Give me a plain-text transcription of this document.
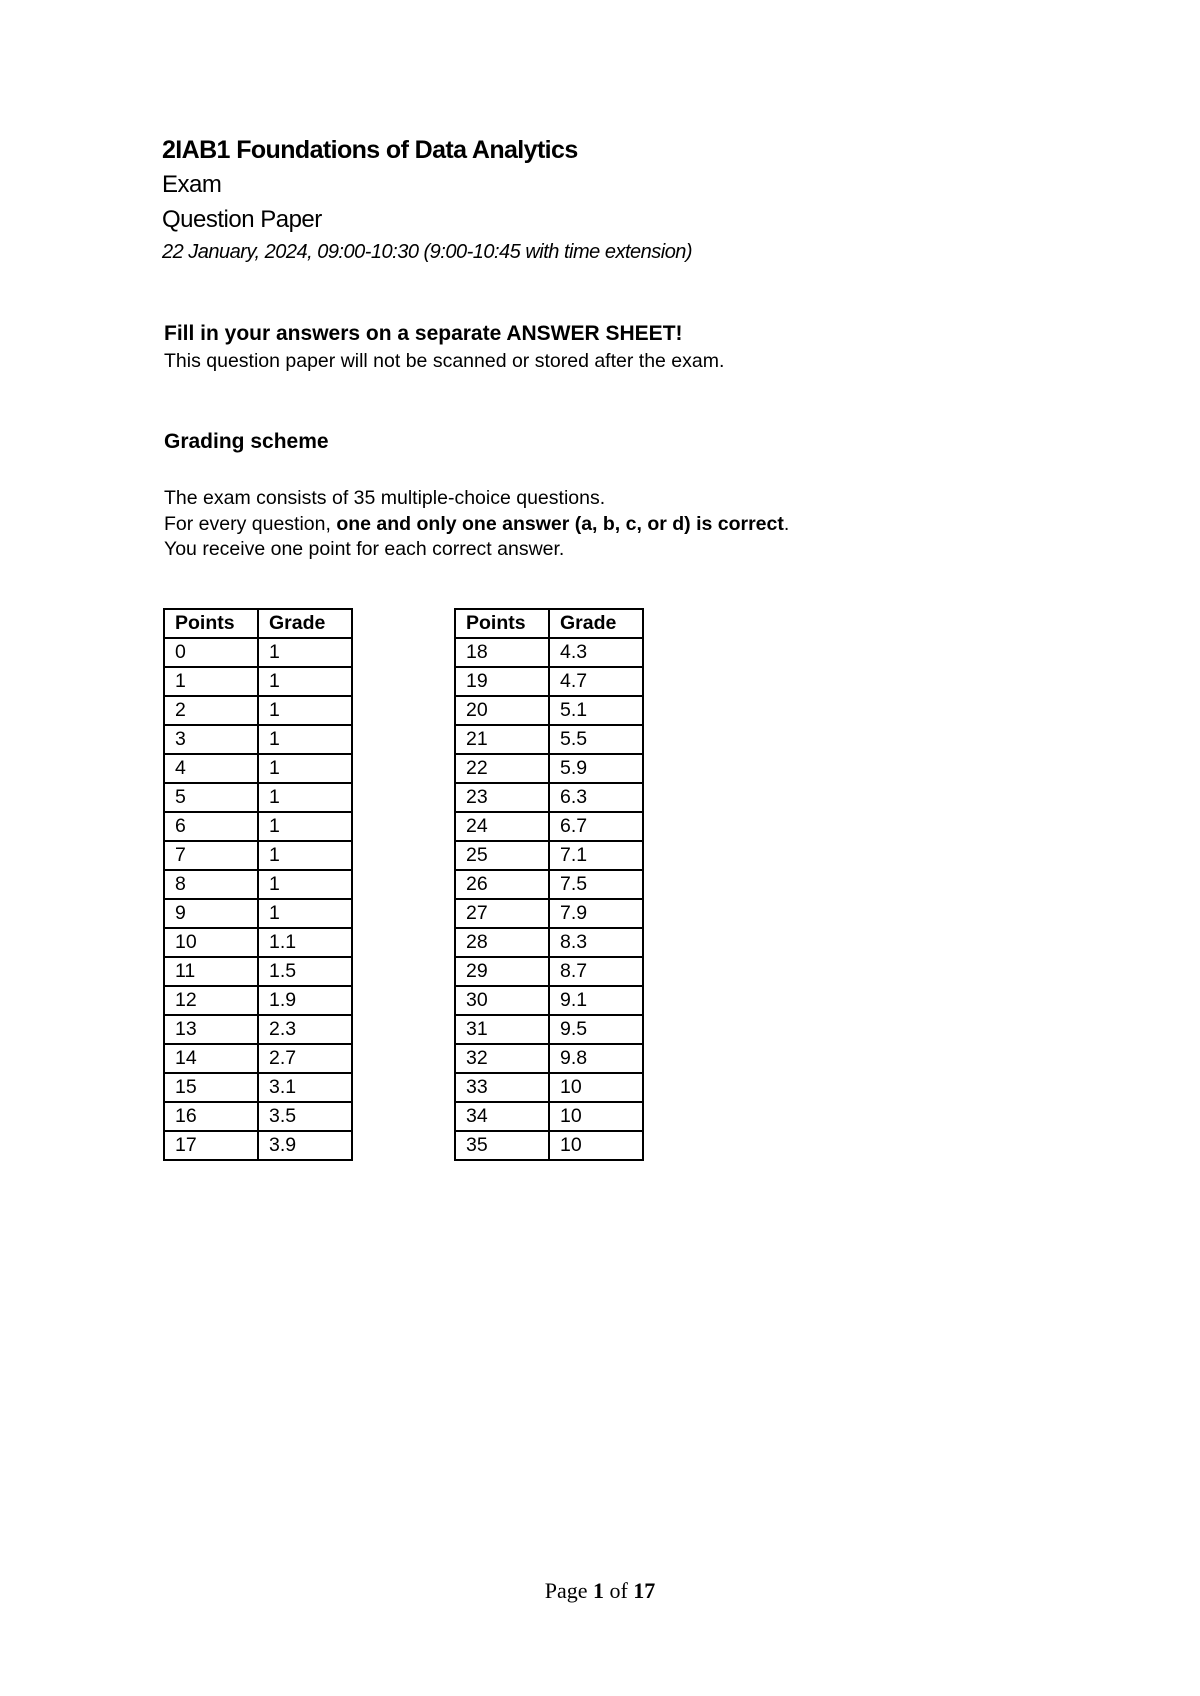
2IAB1 Foundations of Data Analytics

Exam

Question Paper

22 January, 2024, 09:00-10:30 (9:00-10:45 with time extension)

Fill in your answers on a separate ANSWER SHEET!

This question paper will not be scanned or stored after the exam.

Grading scheme

The exam consists of 35 multiple-choice questions.

For every question, one and only one answer (a, b, c, or d) is correct.

You receive one point for each correct answer.

Points	Grade
0	1
1	1
2	1
3	1
4	1
5	1
6	1
7	1
8	1
9	1
10	1.1
11	1.5
12	1.9
13	2.3
14	2.7
15	3.1
16	3.5
17	3.9
Points	Grade
18	4.3
19	4.7
20	5.1
21	5.5
22	5.9
23	6.3
24	6.7
25	7.1
26	7.5
27	7.9
28	8.3
29	8.7
30	9.1
31	9.5
32	9.8
33	10
34	10
35	10
Page 1 of 17
